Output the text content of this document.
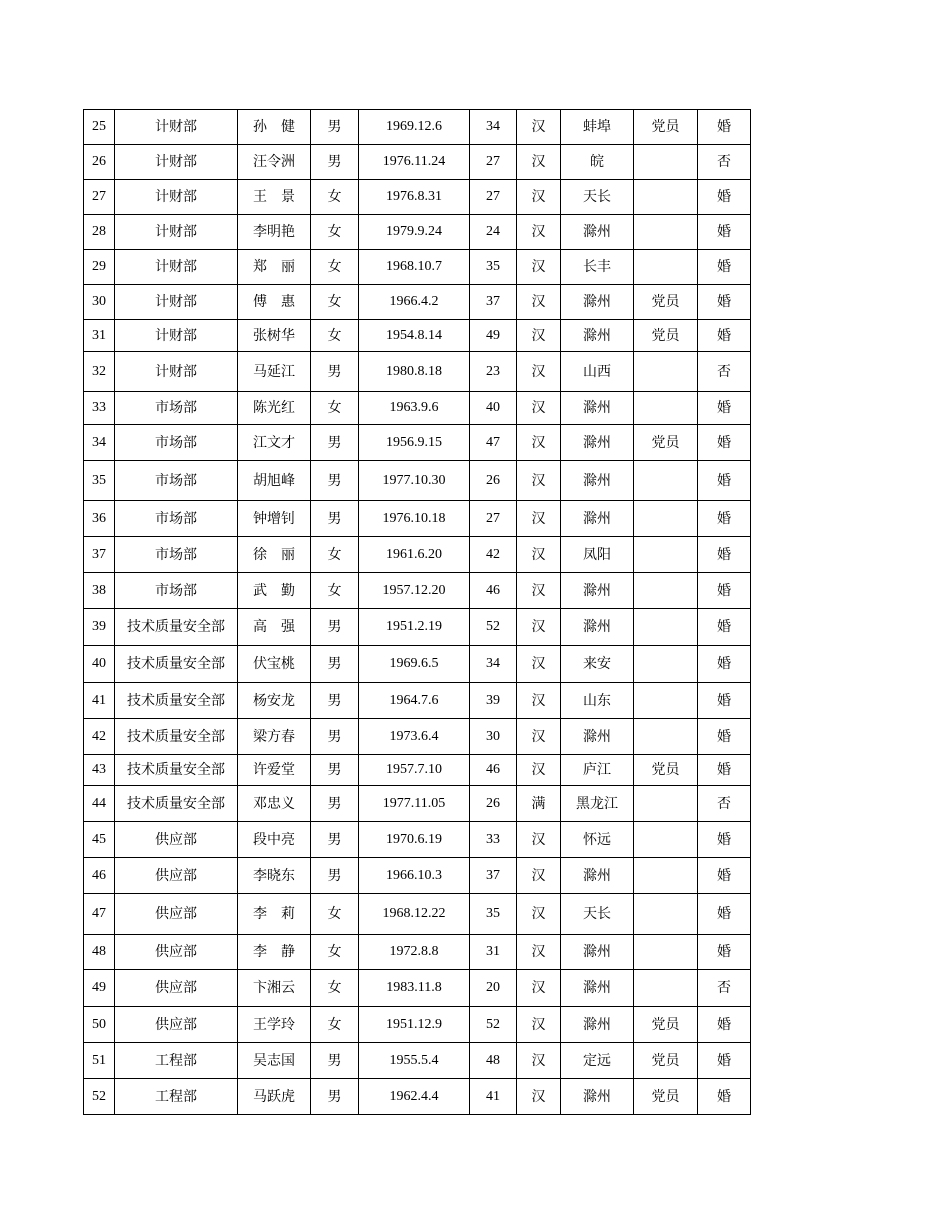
25	计财部	孙　健	男	1969.12.6	34	汉	蚌埠	党员	婚
26	计财部	汪令洲	男	1976.11.24	27	汉	皖		否
27	计财部	王　景	女	1976.8.31	27	汉	天长		婚
28	计财部	李明艳	女	1979.9.24	24	汉	滁州		婚
29	计财部	郑　丽	女	1968.10.7	35	汉	长丰		婚
30	计财部	傅　惠	女	1966.4.2	37	汉	滁州	党员	婚
31	计财部	张树华	女	1954.8.14	49	汉	滁州	党员	婚
32	计财部	马延江	男	1980.8.18	23	汉	山西		否
33	市场部	陈光红	女	1963.9.6	40	汉	滁州		婚
34	市场部	江文才	男	1956.9.15	47	汉	滁州	党员	婚
35	市场部	胡旭峰	男	1977.10.30	26	汉	滁州		婚
36	市场部	钟增钊	男	1976.10.18	27	汉	滁州		婚
37	市场部	徐　丽	女	1961.6.20	42	汉	凤阳		婚
38	市场部	武　勤	女	1957.12.20	46	汉	滁州		婚
39	技术质量安全部	高　强	男	1951.2.19	52	汉	滁州		婚
40	技术质量安全部	伏宝桃	男	1969.6.5	34	汉	来安		婚
41	技术质量安全部	杨安龙	男	1964.7.6	39	汉	山东		婚
42	技术质量安全部	梁方春	男	1973.6.4	30	汉	滁州		婚
43	技术质量安全部	许爱堂	男	1957.7.10	46	汉	庐江	党员	婚
44	技术质量安全部	邓忠义	男	1977.11.05	26	满	黑龙江		否
45	供应部	段中亮	男	1970.6.19	33	汉	怀远		婚
46	供应部	李晓东	男	1966.10.3	37	汉	滁州		婚
47	供应部	李　莉	女	1968.12.22	35	汉	天长		婚
48	供应部	李　静	女	1972.8.8	31	汉	滁州		婚
49	供应部	卞湘云	女	1983.11.8	20	汉	滁州		否
50	供应部	王学玲	女	1951.12.9	52	汉	滁州	党员	婚
51	工程部	吴志国	男	1955.5.4	48	汉	定远	党员	婚
52	工程部	马跃虎	男	1962.4.4	41	汉	滁州	党员	婚
